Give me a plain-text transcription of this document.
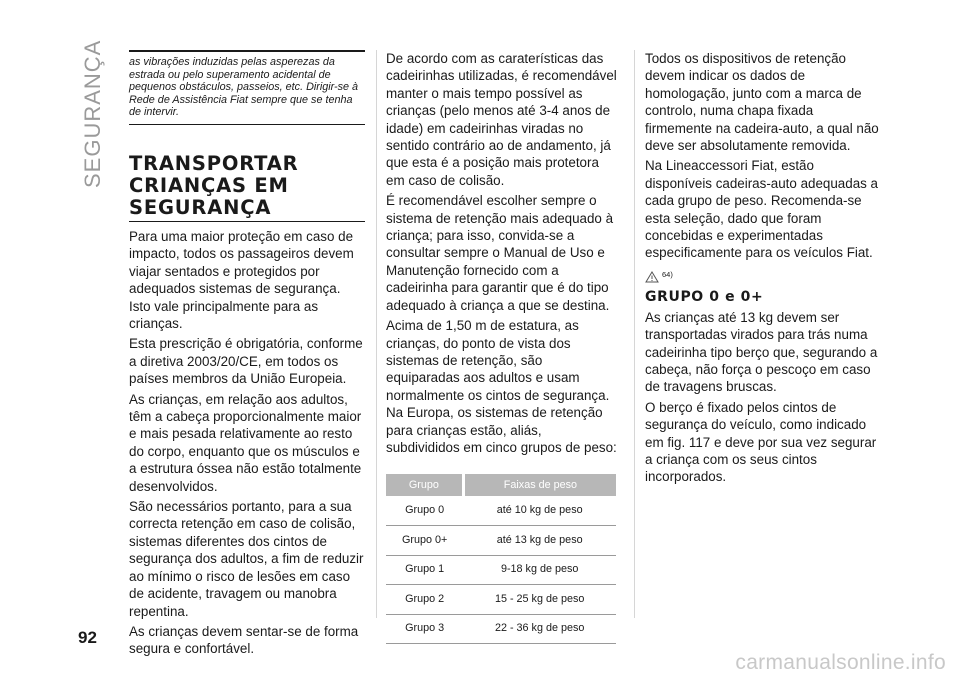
SEGURANÇA
92
as vibrações induzidas pelas asperezas da estrada ou pelo superamento acidental de pequenos obstáculos, passeios, etc. Dirigir-se à Rede de Assistência Fiat sempre que se tenha de intervir.
TRANSPORTAR CRIANÇAS EM SEGURANÇA

Para uma maior proteção em caso de impacto, todos os passageiros devem viajar sentados e protegidos por adequados sistemas de segurança. Isto vale principalmente para as crianças.

Esta prescrição é obrigatória, conforme a diretiva 2003/20/CE, em todos os países membros da União Europeia.

As crianças, em relação aos adultos, têm a cabeça proporcionalmente maior e mais pesada relativamente ao resto do corpo, enquanto que os músculos e a estrutura óssea não estão totalmente desenvolvidos.

São necessários portanto, para a sua correcta retenção em caso de colisão, sistemas diferentes dos cintos de segurança dos adultos, a fim de reduzir ao mínimo o risco de lesões em caso de acidente, travagem ou manobra repentina.

As crianças devem sentar-se de forma segura e confortável.

De acordo com as caraterísticas das cadeirinhas utilizadas, é recomendável manter o mais tempo possível as crianças (pelo menos até 3-4 anos de idade) em cadeirinhas viradas no sentido contrário ao de andamento, já que esta é a posição mais protetora em caso de colisão.

É recomendável escolher sempre o sistema de retenção mais adequado à criança; para isso, convida-se a consultar sempre o Manual de Uso e Manutenção fornecido com a cadeirinha para garantir que é do tipo adequado à criança a que se destina.

Acima de 1,50 m de estatura, as crianças, do ponto de vista dos sistemas de retenção, são equiparadas aos adultos e usam normalmente os cintos de segurança. Na Europa, os sistemas de retenção para crianças estão, aliás, subdivididos em cinco grupos de peso:

Grupo	Faixas de peso
Grupo 0	até 10 kg de peso
Grupo 0+	até 13 kg de peso
Grupo 1	9-18 kg de peso
Grupo 2	15 - 25 kg de peso
Grupo 3	22 - 36 kg de peso

Todos os dispositivos de retenção devem indicar os dados de homologação, junto com a marca de controlo, numa chapa fixada firmemente na cadeira-auto, a qual não deve ser absolutamente removida.

Na Lineaccessori Fiat, estão disponíveis cadeiras-auto adequadas a cada grupo de peso. Recomenda-se esta seleção, dado que foram concebidas e experimentadas especificamente para os veículos Fiat.

64)
GRUPO 0 e 0+

As crianças até 13 kg devem ser transportadas virados para trás numa cadeirinha tipo berço que, segurando a cabeça, não força o pescoço em caso de travagens bruscas.

O berço é fixado pelos cintos de segurança do veículo, como indicado em fig. 117 e deve por sua vez segurar a criança com os seus cintos incorporados.

carmanualsonline.info
